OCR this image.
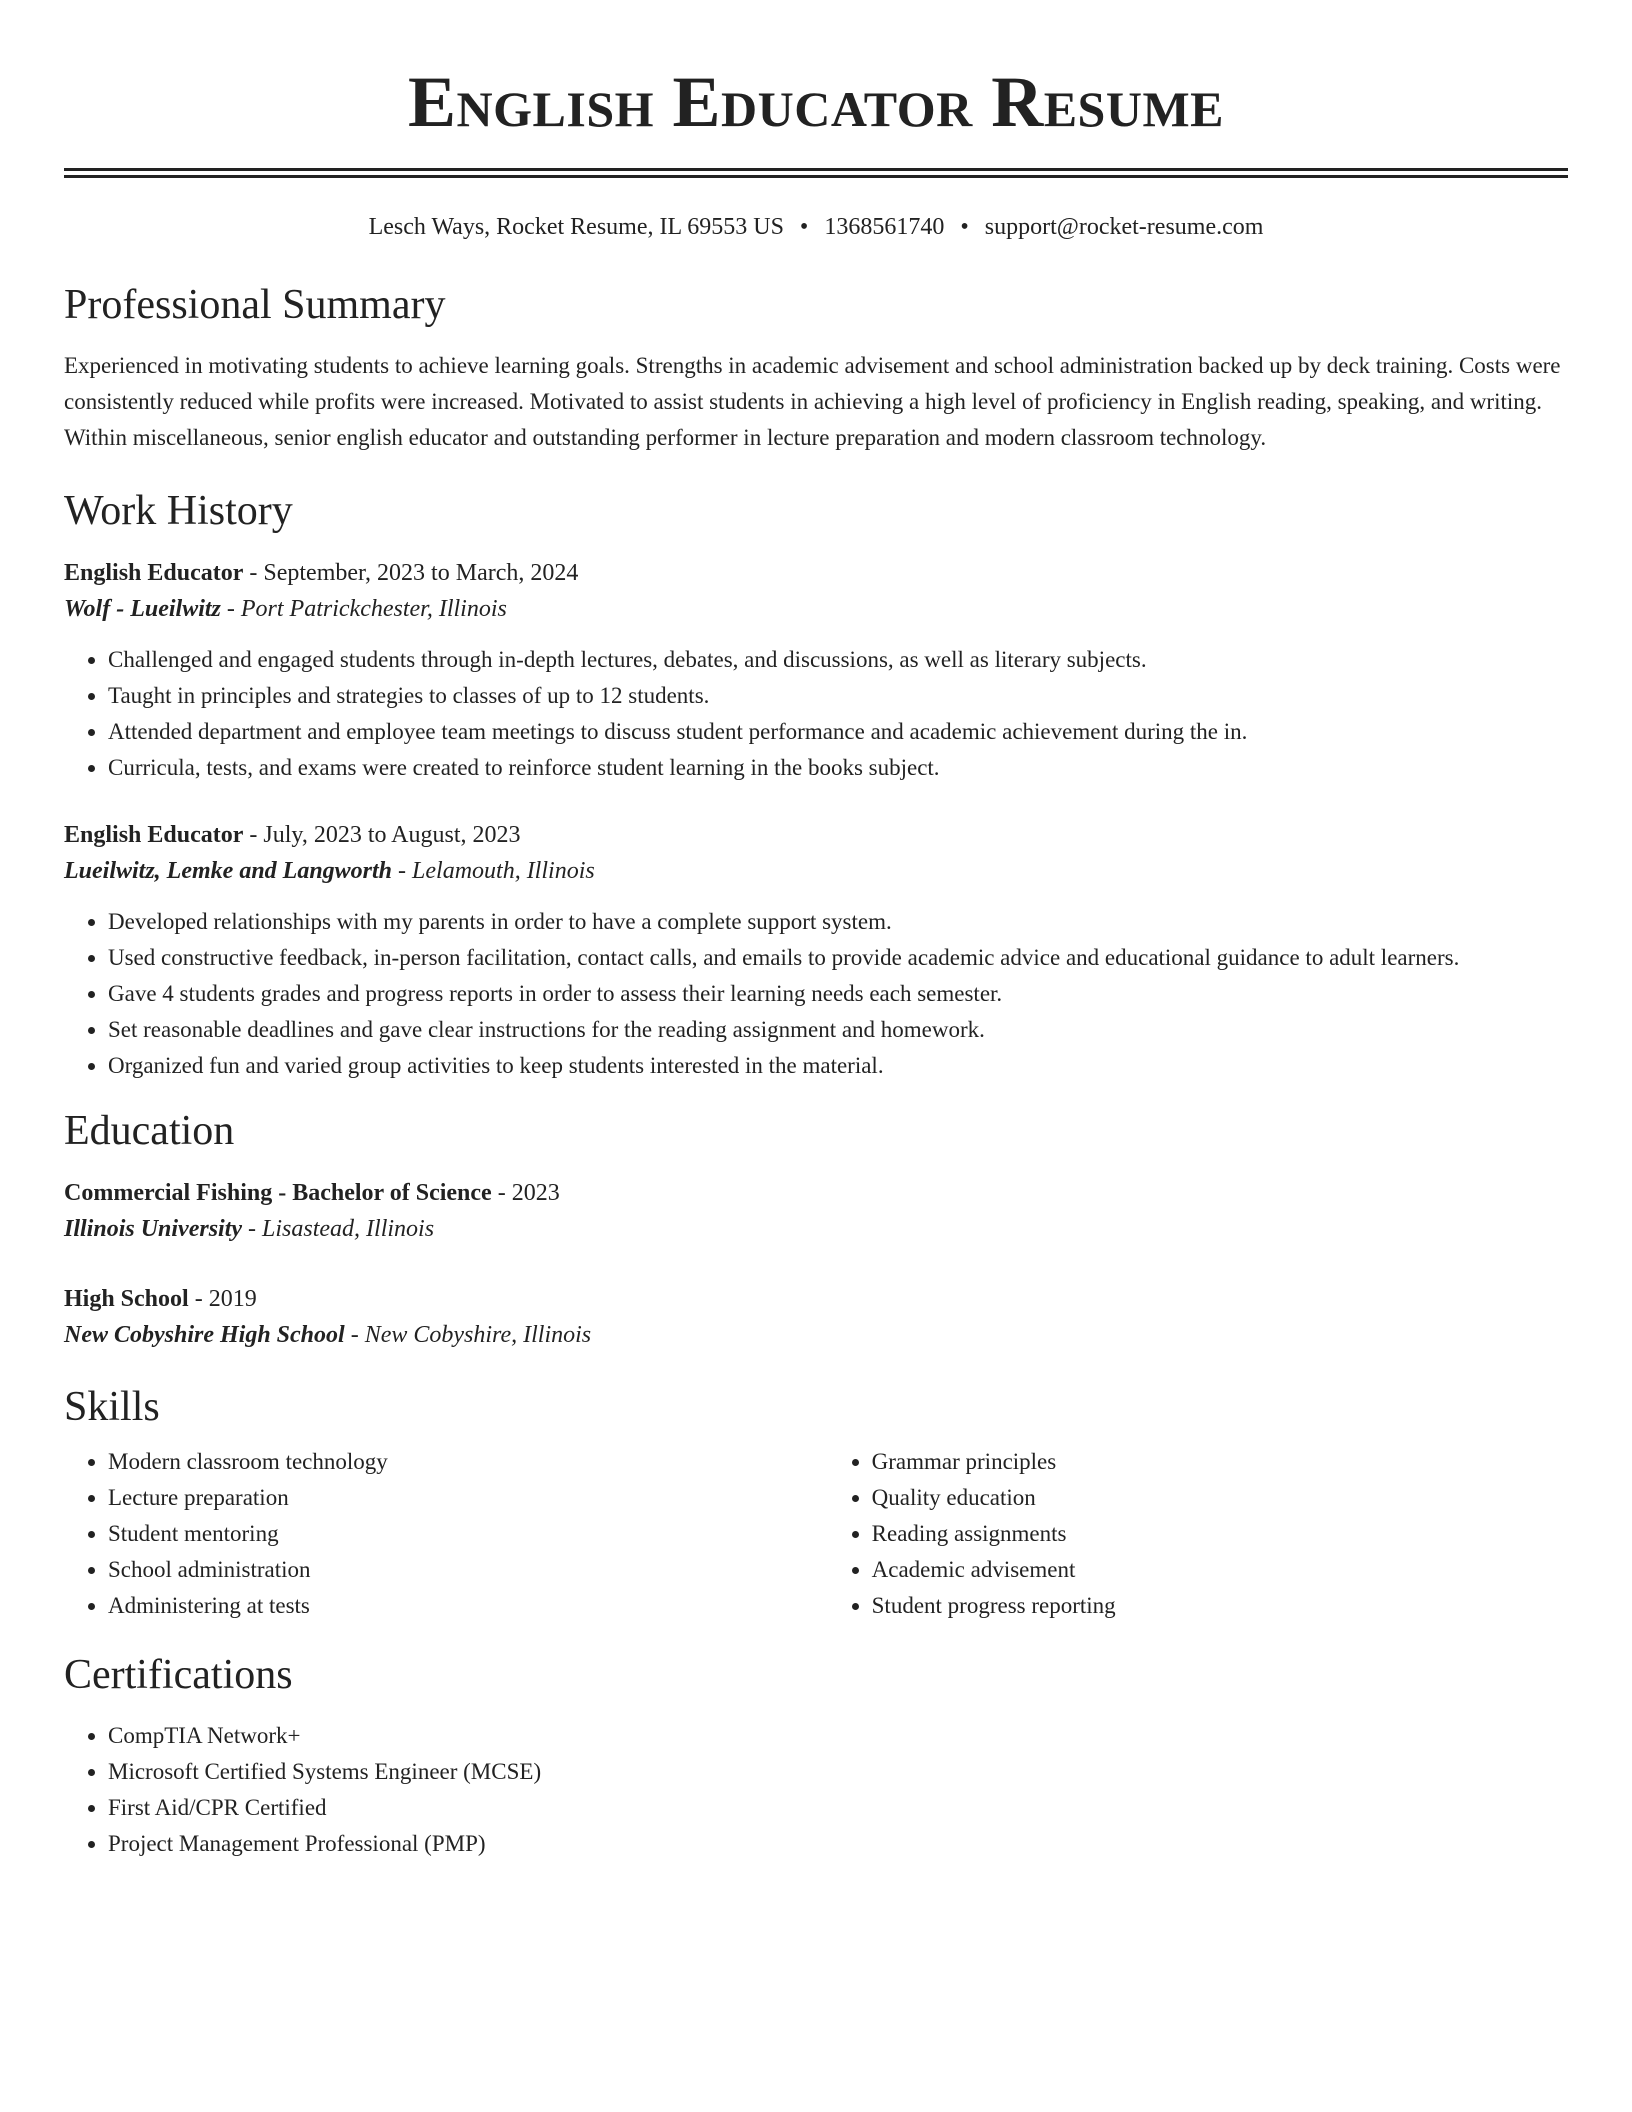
English Educator Resume
Lesch Ways, Rocket Resume, IL 69553 US • 1368561740 • support@rocket-resume.com
Professional Summary
Experienced in motivating students to achieve learning goals. Strengths in academic advisement and school administration backed up by deck training. Costs were consistently reduced while profits were increased. Motivated to assist students in achieving a high level of proficiency in English reading, speaking, and writing. Within miscellaneous, senior english educator and outstanding performer in lecture preparation and modern classroom technology.
Work History
English Educator - September, 2023 to March, 2024
Wolf - Lueilwitz - Port Patrickchester, Illinois
• Challenged and engaged students through in-depth lectures, debates, and discussions, as well as literary subjects.
• Taught in principles and strategies to classes of up to 12 students.
• Attended department and employee team meetings to discuss student performance and academic achievement during the in.
• Curricula, tests, and exams were created to reinforce student learning in the books subject.
English Educator - July, 2023 to August, 2023
Lueilwitz, Lemke and Langworth - Lelamouth, Illinois
• Developed relationships with my parents in order to have a complete support system.
• Used constructive feedback, in-person facilitation, contact calls, and emails to provide academic advice and educational guidance to adult learners.
• Gave 4 students grades and progress reports in order to assess their learning needs each semester.
• Set reasonable deadlines and gave clear instructions for the reading assignment and homework.
• Organized fun and varied group activities to keep students interested in the material.
Education
Commercial Fishing - Bachelor of Science - 2023
Illinois University - Lisastead, Illinois
High School - 2019
New Cobyshire High School - New Cobyshire, Illinois
Skills
• Modern classroom technology
• Lecture preparation
• Student mentoring
• School administration
• Administering at tests
• Grammar principles
• Quality education
• Reading assignments
• Academic advisement
• Student progress reporting
Certifications
• CompTIA Network+
• Microsoft Certified Systems Engineer (MCSE)
• First Aid/CPR Certified
• Project Management Professional (PMP)
